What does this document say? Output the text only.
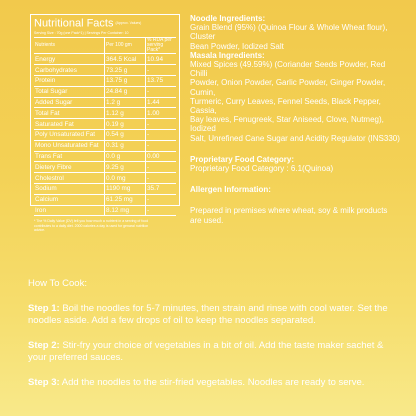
Nutritional Facts (Approx. Values)
Serving Size : 70g (one Pack*1) | Servings Per Container: 10
Nutrients	Per 100 gm	% RDA per serving Pack*
Energy	364.5 Kcal	10.94
Carbohydrates	73.25 g	-
Protein	13.75 g	13.75
Total Sugar	24.84 g	-
Added Sugar	1.2 g	1.44
Total Fat	1.12 g	1.00
Saturated Fat	0.19 g	-
Poly Unsaturated Fat	0.54 g	-
Mono Unsaturated Fat	0.31 g	-
Trans Fat	0.0 g	0.00
Dietery Fibre	9.25 g	-
Cholestrol	0.0 mg	-
Sodium	1190 mg	35.7
Calcium	61.25 mg	-
Iron	8.12 mg	-
* The % Daily Value (DV) tell you how much a nutrient in a serving of food contributes to a daily diet. 2000 calories a day is used for genaral nutrition advice.

Noodle Ingredients:

Grain Blend (95%) (Quinoa Flour & Whole Wheat flour), Cluster

Bean Powder, Iodized Salt

Masala Ingredients:

Mixed Spices (49.59%) (Coriander Seeds Powder, Red Chilli

Powder, Onion Powder, Garlic Powder, Ginger Powder, Cumin,

Turmeric, Curry Leaves, Fennel Seeds, Black Pepper, Cassia,

Bay leaves, Fenugreek, Star Aniseed, Clove, Nutmeg), Iodized

Salt, Unrefined Cane Sugar and Acidity Regulator (INS330)

Proprietary Food Category:

Proprietary Food Category : 6.1(Quinoa)

Allergen Information:

Prepared in premises where wheat, soy & milk products are used.

How To Cook:
Step 1: Boil the noodles for 5-7 minutes, then strain and rinse with cool water. Set the noodles aside. Add a few drops of oil to keep the noodles separated.
Step 2: Stir-fry your choice of vegetables in a bit of oil. Add the taste maker sachet & your preferred sauces.
Step 3: Add the noodles to the stir-fried vegetables. Noodles are ready to serve.
